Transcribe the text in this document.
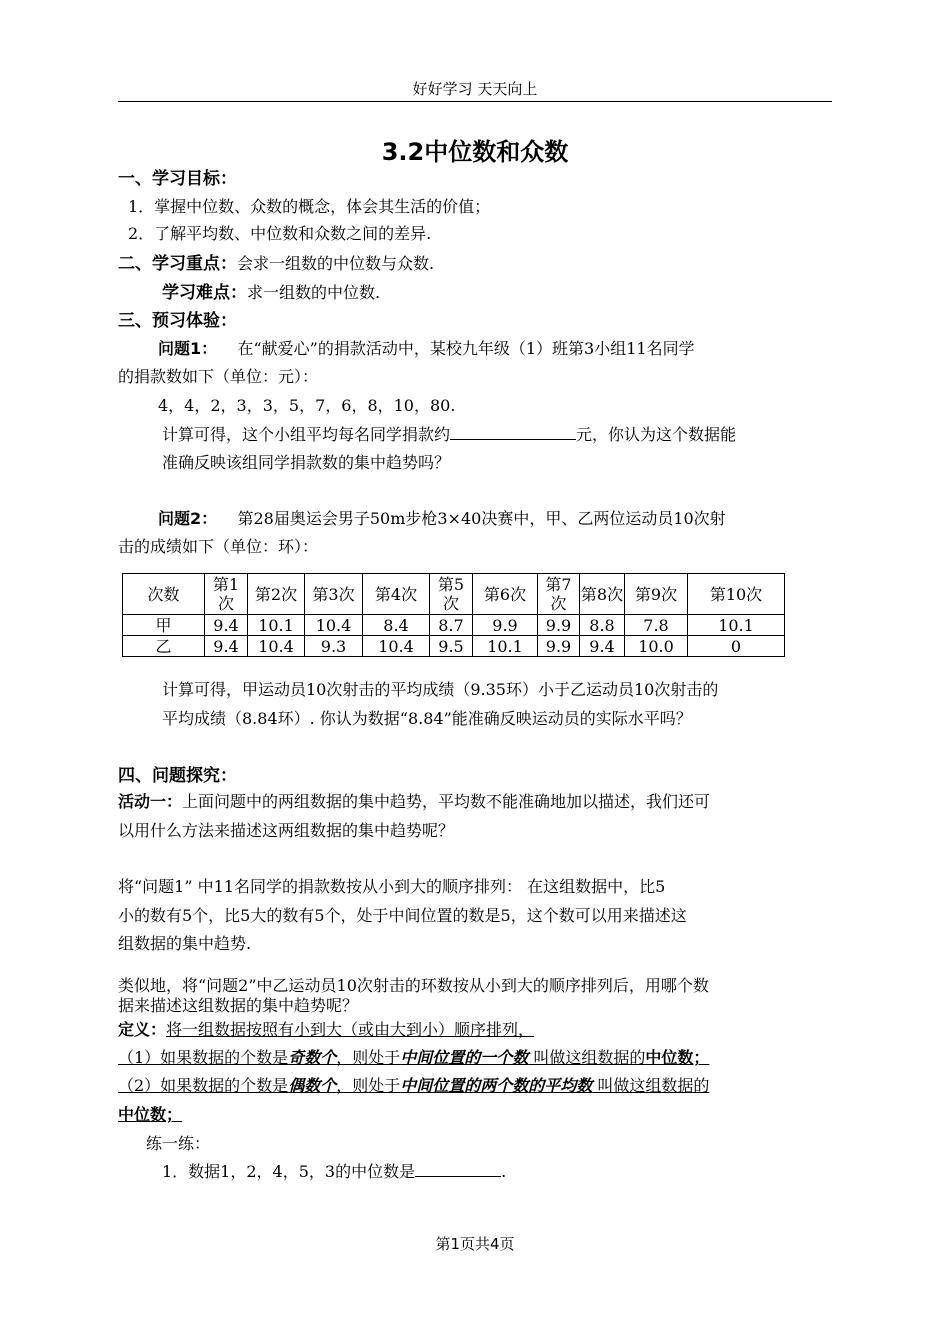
好好学习 天天向上
3.2中位数和众数
一、学习目标：
1．掌握中位数、众数的概念，体会其生活的价值；
2．了解平均数、中位数和众数之间的差异.
二、学习重点：会求一组数的中位数与众数.
学习难点：求一组数的中位数.
三、预习体验：
问题1： 在“献爱心”的捐款活动中，某校九年级（1）班第3小组11名同学
的捐款数如下（单位：元）：
4，4，2，3，3，5，7，6，8，10，80.
计算可得，这个小组平均每名同学捐款约	元，你认为这个数据能
准确反映该组同学捐款数的集中趋势吗？
问题2： 第28届奥运会男子50m步枪3×40决赛中，甲、乙两位运动员10次射
击的成绩如下（单位：环）：
次数	第1次	第2次	第3次	第4次	第5次	第6次	第7次	第8次	第9次	第10次
甲	9.4	10.1	10.4	8.4	8.7	9.9	9.9	8.8	7.8	10.1
乙	9.4	10.4	9.3	10.4	9.5	10.1	9.9	9.4	10.0	0
计算可得，甲运动员10次射击的平均成绩（9.35环）小于乙运动员10次射击的
平均成绩（8.84环）. 你认为数据“8.84”能准确反映运动员的实际水平吗？
四、问题探究：
活动一：上面问题中的两组数据的集中趋势，平均数不能准确地加以描述，我们还可
以用什么方法来描述这两组数据的集中趋势呢？
将“问题1” 中11名同学的捐款数按从小到大的顺序排列： 在这组数据中，比5
小的数有5个，比5大的数有5个，处于中间位置的数是5，这个数可以用来描述这
组数据的集中趋势.
类似地，将“问题2”中乙运动员10次射击的环数按从小到大的顺序排列后，用哪个数
据来描述这组数据的集中趋势呢？
定义：将一组数据按照有小到大（或由大到小）顺序排列，
（1）如果数据的个数是奇数个，则处于中间位置的一个数 叫做这组数据的中位数；
（2）如果数据的个数是偶数个，则处于中间位置的两个数的平均数 叫做这组数据的
中位数；
练一练：
1．数据1，2，4，5，3的中位数是	.
第1页共4页
